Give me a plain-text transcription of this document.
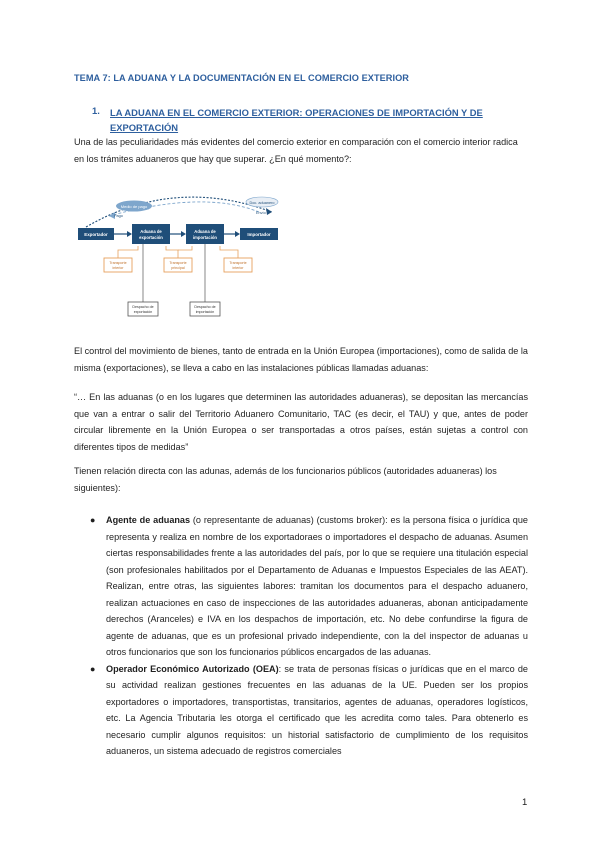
TEMA 7: LA ADUANA Y LA DOCUMENTACIÓN EN EL COMERCIO EXTERIOR
1. LA ADUANA EN EL COMERCIO EXTERIOR: OPERACIONES DE IMPORTACIÓN Y DE EXPORTACIÓN
Una de las peculiaridades más evidentes del comercio exterior en comparación con el comercio interior radica en los trámites aduaneros que hay que superar. ¿En qué momento?:
Medio de pago
Pago
Doc. aduanero
Envío
Exportador
Aduana de
exportación
Aduana de
importación
Importador
Transporte
interior
Transporte
principal
Transporte
interior
Despacho de
exportación
Despacho de
importación
El control del movimiento de bienes, tanto de entrada en la Unión Europea (importaciones), como de salida de la misma (exportaciones), se lleva a cabo en las instalaciones públicas llamadas aduanas:
“… En las aduanas (o en los lugares que determinen las autoridades aduaneras), se depositan las mercancías que van a entrar o salir del Territorio Aduanero Comunitario, TAC (es decir, el TAU) y que, antes de poder circular libremente en la Unión Europea o ser transportadas a otros países, están sujetas a control con diferentes tipos de medidas”
Tienen relación directa con las adunas, además de los funcionarios públicos (autoridades aduaneras) los siguientes):
● Agente de aduanas (o representante de aduanas) (customs broker): es la persona física o jurídica que representa y realiza en nombre de los exportadoraes o importadores el despacho de aduanas. Asumen ciertas responsabilidades frente a las autoridades del país, por lo que se requiere una titulación especial (son profesionales habilitados por el Departamento de Aduanas e Impuestos Especiales de las AEAT). Realizan, entre otras, las siguientes labores: tramitan los documentos para el despacho aduanero, realizan actuaciones en caso de inspecciones de las autoridades aduaneras, abonan anticipadamente derechos (Aranceles) e IVA en los despachos de importación, etc. No debe confundirse la figura de agente de aduanas, que es un profesional privado independiente, con la del inspector de aduanas u otros funcionarios que son los funcionarios públicos encargados de las aduanas.
● Operador Económico Autorizado (OEA): se trata de personas físicas o jurídicas que en el marco de su actividad realizan gestiones frecuentes en las aduanas de la UE. Pueden ser los propios exportadores o importadores, transportistas, transitarios, agentes de aduanas, operadores logísticos, etc. La Agencia Tributaria les otorga el certificado que les acredita como tales. Para obtenerlo es necesario cumplir algunos requisitos: un historial satisfactorio de cumplimiento de los requisitos aduaneros, un sistema adecuado de registros comerciales
1
